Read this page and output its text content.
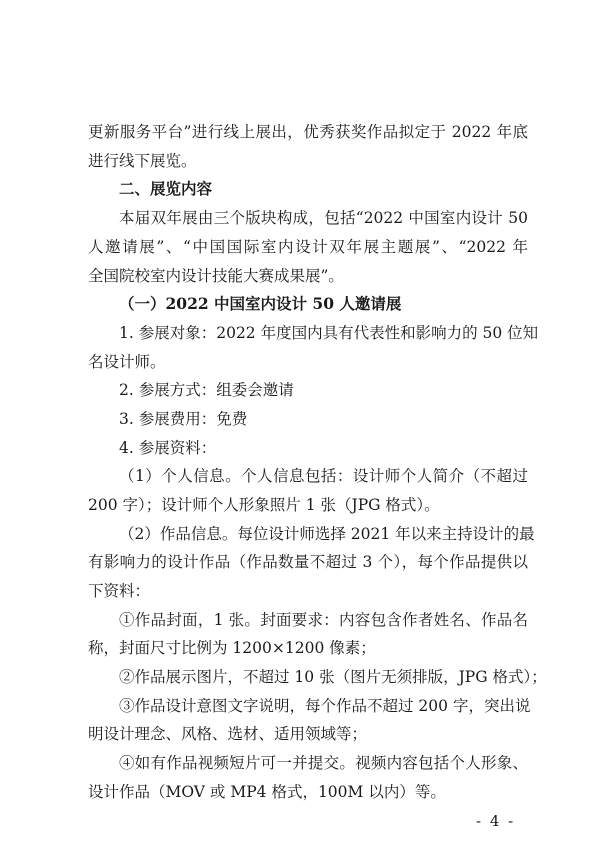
更新服务平台”进行线上展出，优秀获奖作品拟定于 2022 年底
进行线下展览。
二、展览内容
本届双年展由三个版块构成，包括“2022 中国室内设计 50
人邀请展”、“中国国际室内设计双年展主题展”、“2022 年
全国院校室内设计技能大赛成果展”。
（一）2022 中国室内设计 50 人邀请展
1. 参展对象：2022 年度国内具有代表性和影响力的 50 位知
名设计师。
2. 参展方式：组委会邀请
3. 参展费用：免费
4. 参展资料：
（1）个人信息。个人信息包括：设计师个人简介（不超过
200 字）；设计师个人形象照片 1 张（JPG 格式）。
（2）作品信息。每位设计师选择 2021 年以来主持设计的最
有影响力的设计作品（作品数量不超过 3 个），每个作品提供以
下资料：
①作品封面，1 张。封面要求：内容包含作者姓名、作品名
称，封面尺寸比例为 1200×1200 像素；
②作品展示图片，不超过 10 张（图片无须排版，JPG 格式）；
③作品设计意图文字说明，每个作品不超过 200 字，突出说
明设计理念、风格、选材、适用领域等；
④如有作品视频短片可一并提交。视频内容包括个人形象、
设计作品（MOV 或 MP4 格式，100M 以内）等。
- 4 -
